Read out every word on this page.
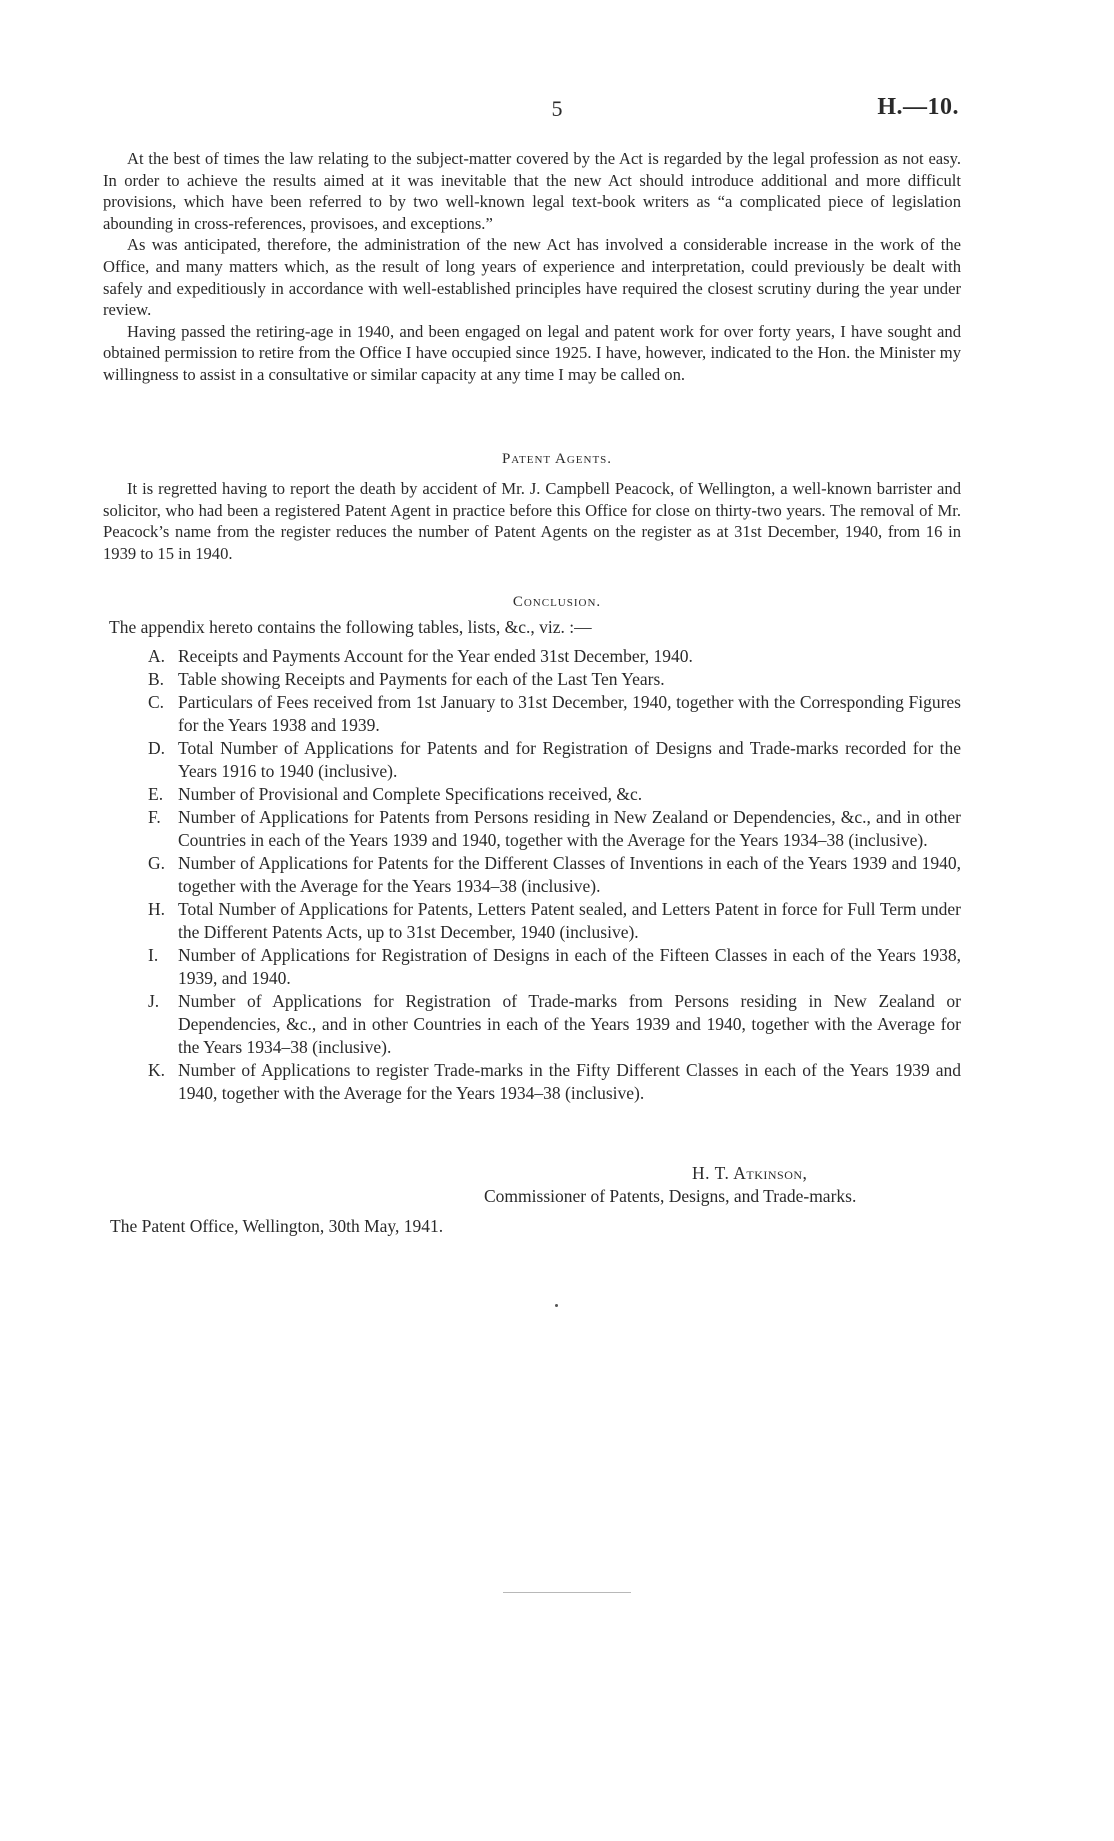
5	H.—10.

At the best of times the law relating to the subject-matter covered by the Act is regarded by the legal profession as not easy. In order to achieve the results aimed at it was inevitable that the new Act should introduce additional and more difficult provisions, which have been referred to by two well-known legal text-book writers as “a complicated piece of legislation abounding in cross-references, provisoes, and exceptions.”

As was anticipated, therefore, the administration of the new Act has involved a considerable increase in the work of the Office, and many matters which, as the result of long years of experience and interpretation, could previously be dealt with safely and expeditiously in accordance with well-established principles have required the closest scrutiny during the year under review.

Having passed the retiring-age in 1940, and been engaged on legal and patent work for over forty years, I have sought and obtained permission to retire from the Office I have occupied since 1925. I have, however, indicated to the Hon. the Minister my willingness to assist in a consultative or similar capacity at any time I may be called on.

Patent Agents.

It is regretted having to report the death by accident of Mr. J. Campbell Peacock, of Wellington, a well-known barrister and solicitor, who had been a registered Patent Agent in practice before this Office for close on thirty-two years. The removal of Mr. Peacock’s name from the register reduces the number of Patent Agents on the register as at 31st December, 1940, from 16 in 1939 to 15 in 1940.

Conclusion.
The appendix hereto contains the following tables, lists, &c., viz. :—
A. Receipts and Payments Account for the Year ended 31st December, 1940.
B. Table showing Receipts and Payments for each of the Last Ten Years.
C. Particulars of Fees received from 1st January to 31st December, 1940, together with the Corresponding Figures for the Years 1938 and 1939.
D. Total Number of Applications for Patents and for Registration of Designs and Trade-marks recorded for the Years 1916 to 1940 (inclusive).
E. Number of Provisional and Complete Specifications received, &c.
F. Number of Applications for Patents from Persons residing in New Zealand or Dependencies, &c., and in other Countries in each of the Years 1939 and 1940, together with the Average for the Years 1934–38 (inclusive).
G. Number of Applications for Patents for the Different Classes of Inventions in each of the Years 1939 and 1940, together with the Average for the Years 1934–38 (inclusive).
H. Total Number of Applications for Patents, Letters Patent sealed, and Letters Patent in force for Full Term under the Different Patents Acts, up to 31st December, 1940 (inclusive).
I.	Number of Applications for Registration of Designs in each of the Fifteen Classes in each of the Years 1938, 1939, and 1940.
J.	Number of Applications for Registration of Trade-marks from Persons residing in New Zealand or Dependencies, &c., and in other Countries in each of the Years 1939 and 1940, together with the Average for the Years 1934–38 (inclusive).
K. Number of Applications to register Trade-marks in the Fifty Different Classes in each of the Years 1939 and 1940, together with the Average for the Years 1934–38 (inclusive).
H. T. Atkinson,
Commissioner of Patents, Designs, and Trade-marks.
The Patent Office, Wellington, 30th May, 1941.
